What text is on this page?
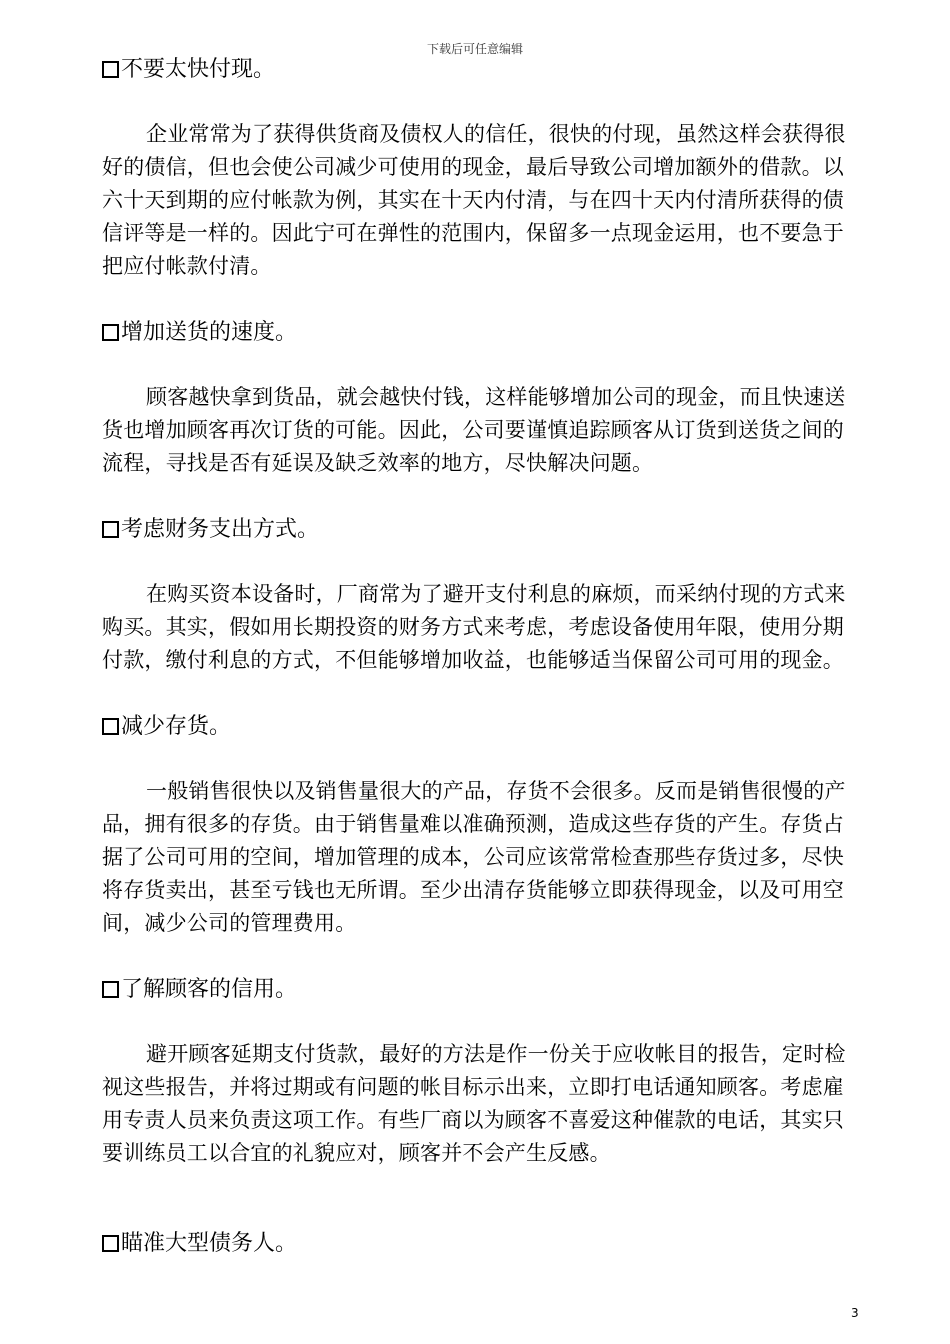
下载后可任意编辑
不要太快付现。

企业常常为了获得供货商及债权人的信任，很快的付现，虽然这样会获得很好的债信，但也会使公司减少可使用的现金，最后导致公司增加额外的借款。以六十天到期的应付帐款为例，其实在十天内付清，与在四十天内付清所获得的债信评等是一样的。因此宁可在弹性的范围内，保留多一点现金运用，也不要急于把应付帐款付清。

增加送货的速度。

顾客越快拿到货品，就会越快付钱，这样能够增加公司的现金，而且快速送货也增加顾客再次订货的可能。因此，公司要谨慎追踪顾客从订货到送货之间的流程，寻找是否有延误及缺乏效率的地方，尽快解决问题。

考虑财务支出方式。

在购买资本设备时，厂商常为了避开支付利息的麻烦，而采纳付现的方式来购买。其实，假如用长期投资的财务方式来考虑，考虑设备使用年限，使用分期付款，缴付利息的方式，不但能够增加收益，也能够适当保留公司可用的现金。

减少存货。

一般销售很快以及销售量很大的产品，存货不会很多。反而是销售很慢的产品，拥有很多的存货。由于销售量难以准确预测，造成这些存货的产生。存货占据了公司可用的空间，增加管理的成本，公司应该常常检查那些存货过多，尽快将存货卖出，甚至亏钱也无所谓。至少出清存货能够立即获得现金，以及可用空间，减少公司的管理费用。

了解顾客的信用。

避开顾客延期支付货款，最好的方法是作一份关于应收帐目的报告，定时检视这些报告，并将过期或有问题的帐目标示出来，立即打电话通知顾客。考虑雇用专责人员来负责这项工作。有些厂商以为顾客不喜爱这种催款的电话，其实只要训练员工以合宜的礼貌应对，顾客并不会产生反感。

瞄准大型债务人。
3
